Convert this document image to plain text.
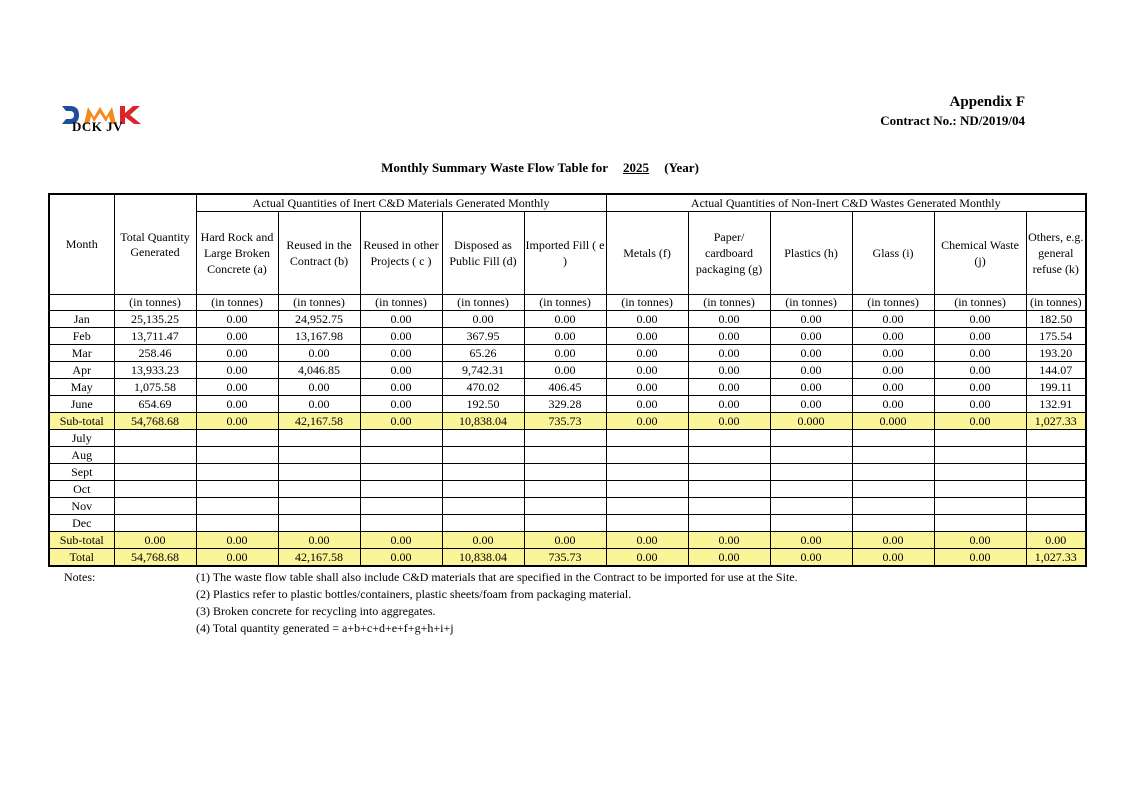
DCK JV
Appendix F
Contract No.: ND/2019/04
Monthly Summary Waste Flow Table for 2025 (Year)
Month	Total Quantity Generated	Actual Quantities of Inert C&D Materials Generated Monthly					Actual Quantities of Non-Inert C&D Wastes Generated Monthly					
		Hard Rock and Large Broken Concrete (a)	Reused in the Contract (b)	Reused in other Projects ( c )	Disposed as Public Fill (d)	Imported Fill ( e )	Metals (f)	Paper/ cardboard packaging (g)	Plastics (h)	Glass (i)	Chemical Waste (j)	Others, e.g. general refuse (k)
	(in tonnes)	(in tonnes)	(in tonnes)	(in tonnes)	(in tonnes)	(in tonnes)	(in tonnes)	(in tonnes)	(in tonnes)	(in tonnes)	(in tonnes)	(in tonnes)
Jan	25,135.25	0.00	24,952.75	0.00	0.00	0.00	0.00	0.00	0.00	0.00	0.00	182.50
Feb	13,711.47	0.00	13,167.98	0.00	367.95	0.00	0.00	0.00	0.00	0.00	0.00	175.54
Mar	258.46	0.00	0.00	0.00	65.26	0.00	0.00	0.00	0.00	0.00	0.00	193.20
Apr	13,933.23	0.00	4,046.85	0.00	9,742.31	0.00	0.00	0.00	0.00	0.00	0.00	144.07
May	1,075.58	0.00	0.00	0.00	470.02	406.45	0.00	0.00	0.00	0.00	0.00	199.11
June	654.69	0.00	0.00	0.00	192.50	329.28	0.00	0.00	0.00	0.00	0.00	132.91
Sub-total	54,768.68	0.00	42,167.58	0.00	10,838.04	735.73	0.00	0.00	0.000	0.000	0.00	1,027.33
July												
Aug												
Sept												
Oct												
Nov												
Dec												
Sub-total	0.00	0.00	0.00	0.00	0.00	0.00	0.00	0.00	0.00	0.00	0.00	0.00
Total	54,768.68	0.00	42,167.58	0.00	10,838.04	735.73	0.00	0.00	0.00	0.00	0.00	1,027.33
Notes:	(1) The waste flow table shall also include C&D materials that are specified in the Contract to be imported for use at the Site.
(2) Plastics refer to plastic bottles/containers, plastic sheets/foam from packaging material.
(3) Broken concrete for recycling into aggregates.
(4) Total quantity generated = a+b+c+d+e+f+g+h+i+j
